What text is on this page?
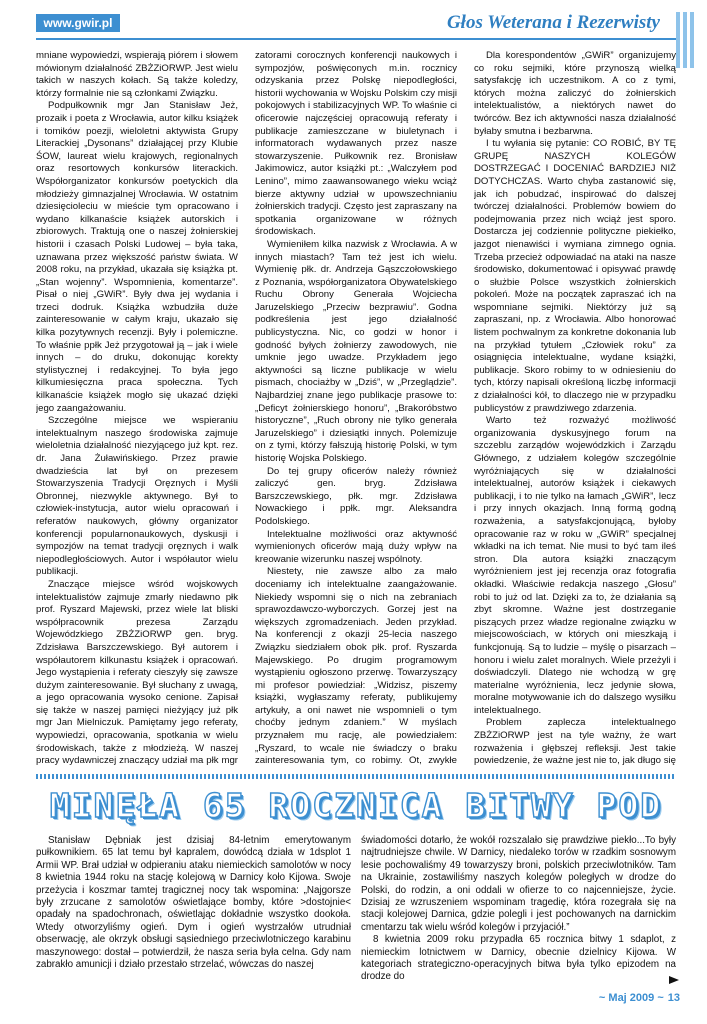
www.gwir.pl	Głos Weterana i Rezerwisty

mniane wypowiedzi, wspierają piórem i słowem mówionym działalność ZBŻZiORWP. Jest wielu takich w naszych kołach. Są także koledzy, którzy formalnie nie są członkami Związku.

Podpułkownik mgr Jan Stanisław Jeż, prozaik i poeta z Wrocławia, autor kilku książek i tomików poezji, wieloletni aktywista Grupy Literackiej „Dysonans” działającej przy Klubie ŚOW, laureat wielu krajowych, regionalnych oraz resortowych konkursów literackich. Współorganizator konkursów poetyckich dla młodzieży gimnazjalnej Wrocławia. W ostatnim dziesięcioleciu w mieście tym opracowano i wydano kilkanaście książek autorskich i zbiorowych. Traktują one o naszej żołnierskiej historii i czasach Polski Ludowej – była taka, uznawana przez większość państw świata. W 2008 roku, na przykład, ukazała się książka pt. „Stan wojenny”. Wspomnienia, komentarze”. Pisał o niej „GWiR”. Były dwa jej wydania i trzeci dodruk. Książka wzbudziła duże zainteresowanie w całym kraju, ukazało się kilka pozytywnych recenzji. Były i polemiczne. To właśnie ppłk Jeż przygotował ją – jak i wiele innych – do druku, dokonując korekty stylistycznej i redakcyjnej. To była jego kilkumiesięczna praca społeczna. Tych kilkanaście książek mogło się ukazać dzięki jego zaangażowaniu.

Szczególne miejsce we wspieraniu intelektualnym naszego środowiska zajmuje wieloletnia działalność niezyjącego już kpt. rez. dr. Jana Żuławińskiego. Przez prawie dwadzieścia lat był on prezesem Stowarzyszenia Tradycji Oręznych i Myśli Obronnej, niezwykle aktywnego. Był to człowiek-instytucja, autor wielu opracowań i referatów naukowych, główny organizator konferencji popularnonaukowych, dyskusji i sympozjów na temat tradycji oręznych i walk niepodległościowych. Autor i współautor wielu publikacji.

Znaczące miejsce wśród wojskowych intelektualistów zajmuje zmarły niedawno płk prof. Ryszard Majewski, przez wiele lat bliski współpracownik prezesa Zarządu Wojewódzkiego ZBŻZiORWP gen. bryg. Zdzisława Barszczewskiego. Był autorem i współautorem kilkunastu książek i opracowań. Jego wystąpienia i referaty cieszyły się zawsze dużym zainteresowanie. Był słuchany z uwagą, a jego opracowania wysoko cenione. Zapisał się także w naszej pamięci nieżyjący już płk mgr Jan Mielniczuk. Pamiętamy jego referaty, wypowiedzi, opracowania, spotkania w wielu środowiskach, także z młodzieżą. W naszej pracy wydawniczej znaczący udział ma płk mgr

zatorami corocznych konferencji naukowych i sympozjów, poświęconych m.in. rocznicy odzyskania przez Polskę niepodległości, historii wychowania w Wojsku Polskim czy misji pokojowych i stabilizacyjnych WP. To właśnie ci oficerowie najczęściej opracowują referaty i publikacje zamieszczane w biuletynach i informatorach wydawanych przez nasze stowarzyszenie. Pułkownik rez. Bronisław Jakimowicz, autor książki pt.: „Walczyłem pod Lenino”, mimo zaawansowanego wieku wciąż bierze aktywny udział w upowszechnianiu żołnierskich tradycji. Często jest zapraszany na spotkania organizowane w różnych środowiskach.

Wymieniłem kilka nazwisk z Wrocławia. A w innych miastach? Tam też jest ich wielu. Wymienię płk. dr. Andrzeja Gąszczołowskiego z Poznania, współorganizatora Obywatelskiego Ruchu Obrony Generała Wojciecha Jaruzelskiego „Przeciw bezprawiu”. Godna podkreślenia jest jego działalność publicystyczna. Nic, co godzi w honor i godność byłych żołnierzy zawodowych, nie umknie jego uwadze. Przykładem jego aktywności są liczne publikacje w wielu pismach, chociażby w „Dziś”, w „Przeglądzie”. Najbardziej znane jego publikacje prasowe to: „Deficyt żołnierskiego honoru”, „Brakoróbstwo historyczne”, „Ruch obrony nie tylko generała Jaruzelskiego” i dziesiątki innych. Polemizuje on z tymi, którzy fałszują historię Polski, w tym historię Wojska Polskiego.

Do tej grupy oficerów należy również zaliczyć gen. bryg. Zdzisława Barszczewskiego, płk. mgr. Zdzisława Nowackiego i ppłk. mgr. Aleksandra Podolskiego.

Intelektualne możliwości oraz aktywność wymienionych oficerów mają duży wpływ na kreowanie wizerunku naszej wspólnoty.

Niestety, nie zawsze albo za mało doceniamy ich intelektualne zaangażowanie. Niekiedy wspomni się o nich na zebraniach sprawozdawczo-wyborczych. Gorzej jest na większych zgromadzeniach. Jeden przykład. Na konferencji z okazji 25-lecia naszego Związku siedziałem obok płk. prof. Ryszarda Majewskiego. Po drugim programowym wystąpieniu ogłoszono przerwę. Towarzyszący mi profesor powiedział: „Widzisz, piszemy książki, wygłaszamy referaty, publikujemy artykuły, a oni nawet nie wspomnieli o tym choćby jednym zdaniem.” W myślach przyznałem mu rację, ale powiedziałem: „Ryszard, to wcale nie świadczy o braku zainteresowania tym, co robimy. Ot, zwykłe

Dla korespondentów „GWiR” organizujemy co roku sejmiki, które przynoszą wielką satysfakcję ich uczestnikom. A co z tymi, których można zaliczyć do żołnierskich intelektualistów, a niektórych nawet do twórców. Bez ich aktywności nasza działalność byłaby smutna i bezbarwna.

I tu wyłania się pytanie: CO ROBIĆ, BY TĘ GRUPĘ NASZYCH KOLEGÓW DOSTRZEGAĆ I DOCENIAĆ BARDZIEJ NIŻ DOTYCHCZAS. Warto chyba zastanowić się, jak ich pobudzać, inspirować do dalszej twórczej działalności. Problemów bowiem do podejmowania przez nich wciąż jest sporo. Dostarcza jej codziennie polityczne piekiełko, jazgot nienawiści i wymiana zimnego ognia. Trzeba przecież odpowiadać na ataki na nasze środowisko, dokumentować i opisywać prawdę o służbie Polsce wszystkich żołnierskich pokoleń. Może na początek zapraszać ich na wspomniane sejmiki. Niektórzy już są zapraszani, np. z Wrocławia. Albo honorować listem pochwalnym za konkretne dokonania lub na przykład tytułem „Człowiek roku” za osiągnięcia intelektualne, wydane książki, publikacje. Skoro robimy to w odniesieniu do tych, którzy napisali określoną liczbę informacji z działalności kół, to dlaczego nie w przypadku publicystów z prawdziwego zdarzenia.

Warto też rozważyć możliwość organizowania dyskusyjnego forum na szczeblu zarządów wojewódzkich i Zarządu Głównego, z udziałem kolegów szczególnie wyróżniających się w działalności intelektualnej, autorów książek i ciekawych publikacji, i to nie tylko na łamach „GWiR”, lecz i przy innych okazjach. Inną formą godną rozważenia, a satysfakcjonującą, byłoby opracowanie raz w roku w „GWiR” specjalnej wkładki na ich temat. Nie musi to być tam ileś stron. Dla autora książki znaczącym wyróżnieniem jest jej recenzja oraz fotografia okładki. Właściwie redakcja naszego „Głosu” robi to już od lat. Dzięki za to, że działania są zbyt skromne. Ważne jest dostrzeganie piszących przez władze regionalne związku w miejscowościach, w których oni mieszkają i funkcjonują. Są to ludzie – myślę o pisarzach – honoru i wielu zalet moralnych. Wiele przeżyli i doświadczyli. Dlatego nie wchodzą w grę materialne wyróżnienia, lecz jedynie słowa, moralne motywowanie ich do dalszego wysiłku intelektualnego.

Problem zaplecza intelektualnego ZBŻZiORWP jest na tyle ważny, że wart rozważenia i głębszej refleksji. Jest takie powiedzenie, że ważne jest nie to, jak długo się

MINĘŁA 65 ROCZNICA BITWY POD

Stanisław Dębniak jest dzisiaj 84-letnim emerytowanym pułkownikiem. 65 lat temu był kapralem, dowódcą działa w 1dsplot 1 Armii WP. Brał udział w odpieraniu ataku niemieckich samolotów w nocy 8 kwietnia 1944 roku na stację kolejową w Darnicy koło Kijowa. Swoje przeżycia i koszmar tamtej tragicznej nocy tak wspomina: „Najgorsze były zrzucane z samolotów oświetlające bomby, które >dostojnie< opadały na spadochronach, oświetlając dokładnie wszystko dookoła. Wtedy otworzyliśmy ogień. Dym i ogień wystrzałów utrudniał obserwację, ale okrzyk obsługi sąsiedniego przeciwlotniczego karabinu maszynowego: dostał – potwierdził, że nasza seria była celna. Gdy nam zabrakło amunicji i działo przestało strzelać, wówczas do naszej

świadomości dotarło, że wokół rozszalało się prawdziwe piekło...To były najtrudniejsze chwile. W Darnicy, niedaleko torów w rzadkim sosnowym lesie pochowaliśmy 49 towarzyszy broni, polskich przeciwlotników. Tam na Ukrainie, zostawiliśmy naszych kolegów poległych w drodze do Polski, do rodzin, a oni oddali w ofierze to co najcenniejsze, życie. Dzisiaj ze wzruszeniem wspominam tragedię, która rozegrała się na stacji kolejowej Darnica, gdzie polegli i jest pochowanych na darnickim cmentarzu tak wielu wśród kolegów i przyjaciół.”

8 kwietnia 2009 roku przypadła 65 rocznica bitwy 1 sdaplot, z niemieckim lotnictwem w Darnicy, obecnie dzielnicy Kijowa. W kategoriach strategiczno-operacyjnych bitwa była tylko epizodem na drodze do

~ Maj 2009 ~ 13
